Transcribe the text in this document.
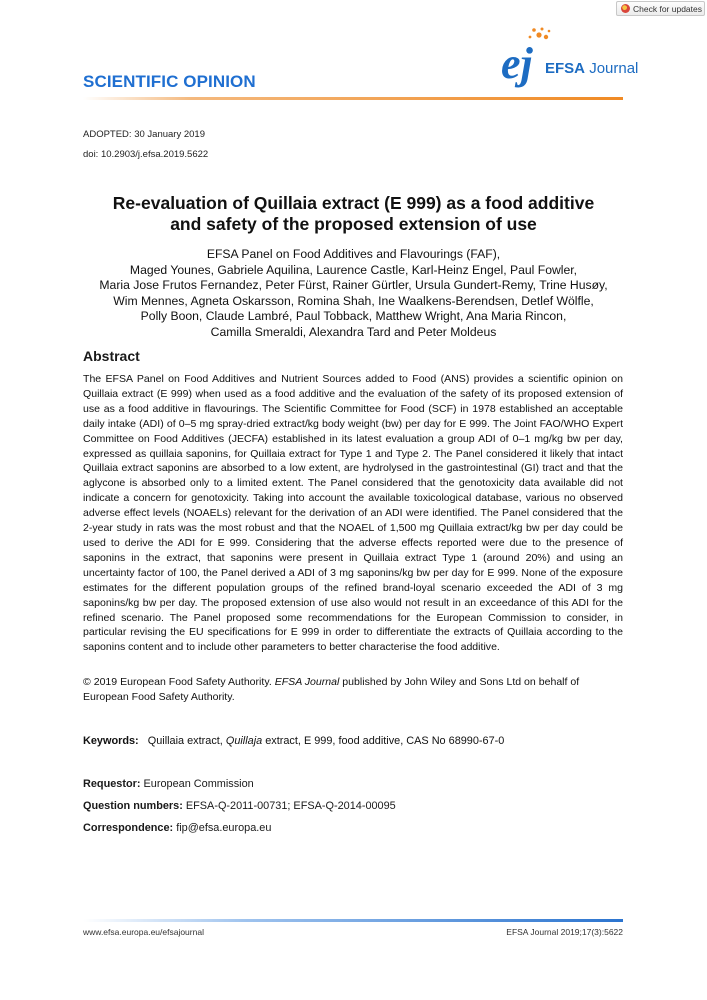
Check for updates
SCIENTIFIC OPINION	ej EFSA Journal
ADOPTED: 30 January 2019
doi: 10.2903/j.efsa.2019.5622
Re-evaluation of Quillaia extract (E 999) as a food additive
and safety of the proposed extension of use
EFSA Panel on Food Additives and Flavourings (FAF),
Maged Younes, Gabriele Aquilina, Laurence Castle, Karl-Heinz Engel, Paul Fowler,
Maria Jose Frutos Fernandez, Peter Fürst, Rainer Gürtler, Ursula Gundert-Remy, Trine Husøy,
Wim Mennes, Agneta Oskarsson, Romina Shah, Ine Waalkens-Berendsen, Detlef Wölfle,
Polly Boon, Claude Lambré, Paul Tobback, Matthew Wright, Ana Maria Rincon,
Camilla Smeraldi, Alexandra Tard and Peter Moldeus
Abstract
The EFSA Panel on Food Additives and Nutrient Sources added to Food (ANS) provides a scientific opinion on Quillaia extract (E 999) when used as a food additive and the evaluation of the safety of its proposed extension of use as a food additive in flavourings. The Scientific Committee for Food (SCF) in 1978 established an acceptable daily intake (ADI) of 0–5 mg spray-dried extract/kg body weight (bw) per day for E 999. The Joint FAO/WHO Expert Committee on Food Additives (JECFA) established in its latest evaluation a group ADI of 0–1 mg/kg bw per day, expressed as quillaia saponins, for Quillaia extract for Type 1 and Type 2. The Panel considered it likely that intact Quillaia extract saponins are absorbed to a low extent, are hydrolysed in the gastrointestinal (GI) tract and that the aglycone is absorbed only to a limited extent. The Panel considered that the genotoxicity data available did not indicate a concern for genotoxicity. Taking into account the available toxicological database, various no observed adverse effect levels (NOAELs) relevant for the derivation of an ADI were identified. The Panel considered that the 2-year study in rats was the most robust and that the NOAEL of 1,500 mg Quillaia extract/kg bw per day could be used to derive the ADI for E 999. Considering that the adverse effects reported were due to the presence of saponins in the extract, that saponins were present in Quillaia extract Type 1 (around 20%) and using an uncertainty factor of 100, the Panel derived a ADI of 3 mg saponins/kg bw per day for E 999. None of the exposure estimates for the different population groups of the refined brand-loyal scenario exceeded the ADI of 3 mg saponins/kg bw per day. The proposed extension of use also would not result in an exceedance of this ADI for the refined scenario. The Panel proposed some recommendations for the European Commission to consider, in particular revising the EU specifications for E 999 in order to differentiate the extracts of Quillaia according to the saponins content and to include other parameters to better characterise the food additive.
© 2019 European Food Safety Authority. EFSA Journal published by John Wiley and Sons Ltd on behalf of European Food Safety Authority.
Keywords: Quillaia extract, Quillaja extract, E 999, food additive, CAS No 68990-67-0
Requestor: European Commission
Question numbers: EFSA-Q-2011-00731; EFSA-Q-2014-00095
Correspondence: fip@efsa.europa.eu
www.efsa.europa.eu/efsajournal	EFSA Journal 2019;17(3):5622
